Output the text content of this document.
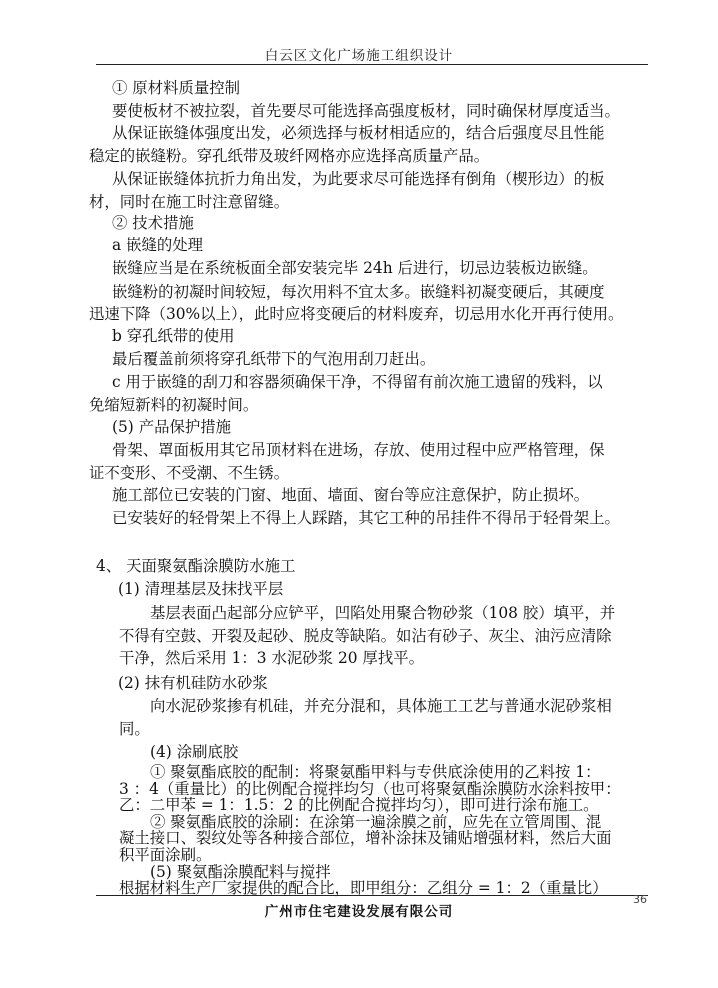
白云区文化广场施工组织设计
① 原材料质量控制
要使板材不被拉裂，首先要尽可能选择高强度板材，同时确保材厚度适当。
从保证嵌缝体强度出发，必须选择与板材相适应的，结合后强度尽且性能
稳定的嵌缝粉。穿孔纸带及玻纤网格亦应选择高质量产品。
从保证嵌缝体抗折力角出发，为此要求尽可能选择有倒角（楔形边）的板
材，同时在施工时注意留缝。
② 技术措施
a 嵌缝的处理
嵌缝应当是在系统板面全部安装完毕 24h 后进行，切忌边装板边嵌缝。
嵌缝粉的初凝时间较短，每次用料不宜太多。嵌缝料初凝变硬后，其硬度
迅速下降（30%以上），此时应将变硬后的材料废弃，切忌用水化开再行使用。
b 穿孔纸带的使用
最后覆盖前须将穿孔纸带下的气泡用刮刀赶出。
c 用于嵌缝的刮刀和容器须确保干净，不得留有前次施工遗留的残料，以
免缩短新料的初凝时间。
(5) 产品保护措施
骨架、罩面板用其它吊顶材料在进场，存放、使用过程中应严格管理，保
证不变形、不受潮、不生锈。
施工部位已安装的门窗、地面、墙面、窗台等应注意保护，防止损坏。
已安装好的轻骨架上不得上人踩踏，其它工种的吊挂件不得吊于轻骨架上。
4、 天面聚氨酯涂膜防水施工
(1) 清理基层及抹找平层
基层表面凸起部分应铲平，凹陷处用聚合物砂浆（108 胶）填平，并
不得有空鼓、开裂及起砂、脱皮等缺陷。如沾有砂子、灰尘、油污应清除
干净，然后采用 1：3 水泥砂浆 20 厚找平。
(2) 抹有机硅防水砂浆
向水泥砂浆掺有机硅，并充分混和，具体施工工艺与普通水泥砂浆相
同。
(4) 涂刷底胶
① 聚氨酯底胶的配制：将聚氨酯甲料与专供底涂使用的乙料按 1：
3 ：4（重量比）的比例配合搅拌均匀（也可将聚氨酯涂膜防水涂料按甲：
乙：二甲苯 = 1：1.5：2 的比例配合搅拌均匀），即可进行涂布施工。
② 聚氨酯底胶的涂刷：在涂第一遍涂膜之前，应先在立管周围、混
凝土接口、裂纹处等各种接合部位，增补涂抹及铺贴增强材料，然后大面
积平面涂刷。
(5) 聚氨酯涂膜配料与搅拌
根据材料生产厂家提供的配合比，即甲组分：乙组分 = 1：2（重量比）
广州市住宅建设发展有限公司
36
